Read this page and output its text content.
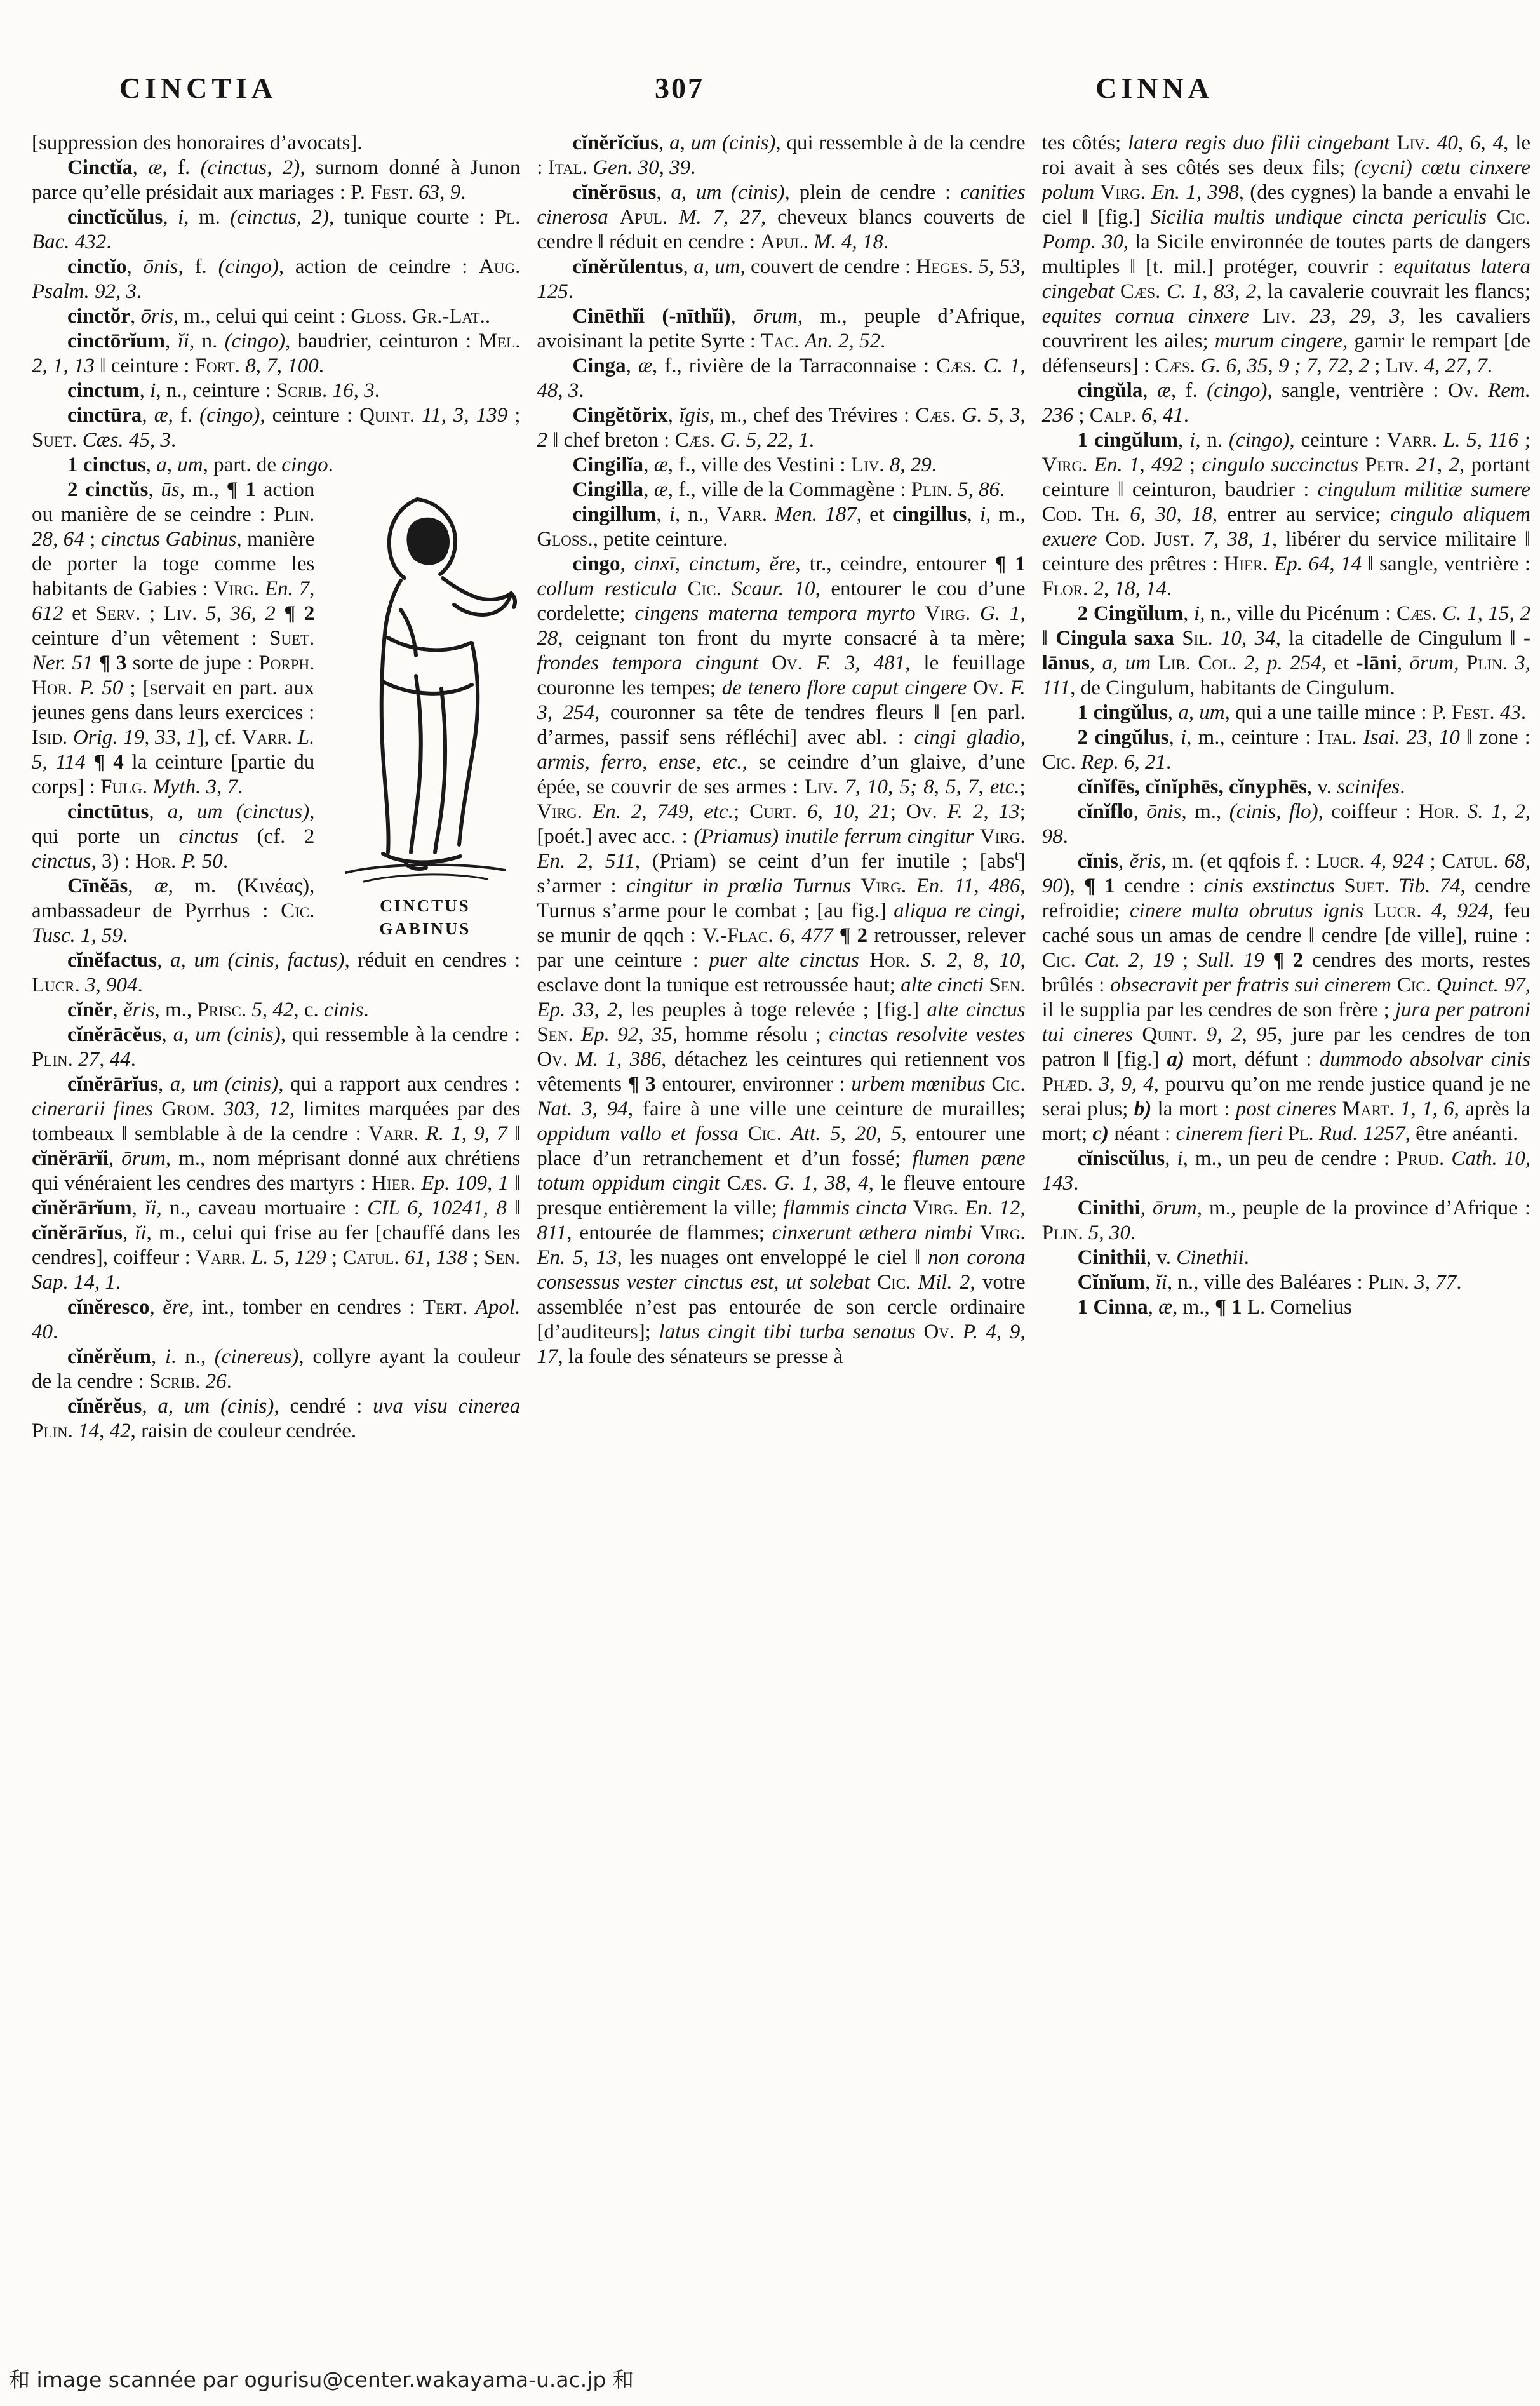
CINCTIA	307	CINNA

[suppression des honoraires d’avocats].

Cinctĭa, æ, f. (cinctus, 2), surnom donné à Junon parce qu’elle présidait aux mariages : P. Fest. 63, 9.

cinctĭcŭlus, i, m. (cinctus, 2), tunique courte : Pl. Bac. 432.

cinctĭo, ōnis, f. (cingo), action de ceindre : Aug. Psalm. 92, 3.

cinctŏr, ōris, m., celui qui ceint : Gloss. Gr.-Lat..

cinctōrĭum, ĭi, n. (cingo), baudrier, ceinturon : Mel. 2, 1, 13 ‖ ceinture : Fort. 8, 7, 100.

cinctum, i, n., ceinture : Scrib. 16, 3.

cinctūra, æ, f. (cingo), ceinture : Quint. 11, 3, 139 ; Suet. Cæs. 45, 3.

1 cinctus, a, um, part. de cingo.

CINCTUS
GABINUS
2 cinctŭs, ūs, m., ¶ 1 action ou manière de se ceindre : Plin. 28, 64 ; cinctus Gabinus, manière de porter la toge comme les habitants de Gabies : Virg. En. 7, 612 et Serv. ; Liv. 5, 36, 2 ¶ 2 ceinture d’un vêtement : Suet. Ner. 51 ¶ 3 sorte de jupe : Porph. Hor. P. 50 ; [servait en part. aux jeunes gens dans leurs exercices : Isid. Orig. 19, 33, 1], cf. Varr. L. 5, 114 ¶ 4 la ceinture [partie du corps] : Fulg. Myth. 3, 7.

cinctūtus, a, um (cinctus), qui porte un cinctus (cf. 2 cinctus, 3) : Hor. P. 50.

Cīnĕās, æ, m. (Κινέας), ambassadeur de Pyrrhus : Cic. Tusc. 1, 59.

cĭnĕfactus, a, um (cinis, factus), réduit en cendres : Lucr. 3, 904.

cĭnĕr, ĕris, m., Prisc. 5, 42, c. cinis.

cĭnĕrācĕus, a, um (cinis), qui ressemble à la cendre : Plin. 27, 44.

cĭnĕrārĭus, a, um (cinis), qui a rapport aux cendres : cinerarii fines Grom. 303, 12, limites marquées par des tombeaux ‖ semblable à de la cendre : Varr. R. 1, 9, 7 ‖ cĭnĕrārĭi, ōrum, m., nom méprisant donné aux chrétiens qui vénéraient les cendres des martyrs : Hier. Ep. 109, 1 ‖ cĭnĕrārĭum, ĭi, n., caveau mortuaire : CIL 6, 10241, 8 ‖ cĭnĕrārĭus, ĭi, m., celui qui frise au fer [chauffé dans les cendres], coiffeur : Varr. L. 5, 129 ; Catul. 61, 138 ; Sen. Sap. 14, 1.

cĭnĕresco, ĕre, int., tomber en cendres : Tert. Apol. 40.

cĭnĕrĕum, i. n., (cinereus), collyre ayant la couleur de la cendre : Scrib. 26.

cĭnĕrĕus, a, um (cinis), cendré : uva visu cinerea Plin. 14, 42, raisin de couleur cendrée.

cĭnĕrĭcĭus, a, um (cinis), qui ressemble à de la cendre : Ital. Gen. 30, 39.

cĭnĕrōsus, a, um (cinis), plein de cendre : canities cinerosa Apul. M. 7, 27, cheveux blancs couverts de cendre ‖ réduit en cendre : Apul. M. 4, 18.

cĭnĕrŭlentus, a, um, couvert de cendre : Heges. 5, 53, 125.

Cinēthĭi (-nīthĭi), ōrum, m., peuple d’Afrique, avoisinant la petite Syrte : Tac. An. 2, 52.

Cinga, æ, f., rivière de la Tarraconnaise : Cæs. C. 1, 48, 3.

Cingĕtŏrix, ĭgis, m., chef des Trévires : Cæs. G. 5, 3, 2 ‖ chef breton : Cæs. G. 5, 22, 1.

Cingilĭa, æ, f., ville des Vestini : Liv. 8, 29.

Cingilla, æ, f., ville de la Commagène : Plin. 5, 86.

cingillum, i, n., Varr. Men. 187, et cingillus, i, m., Gloss., petite ceinture.

cingo, cinxī, cinctum, ĕre, tr., ceindre, entourer ¶ 1 collum resticula Cic. Scaur. 10, entourer le cou d’une cordelette; cingens materna tempora myrto Virg. G. 1, 28, ceignant ton front du myrte consacré à ta mère; frondes tempora cingunt Ov. F. 3, 481, le feuillage couronne les tempes; de tenero flore caput cingere Ov. F. 3, 254, couronner sa tête de tendres fleurs ‖ [en parl. d’armes, passif sens réfléchi] avec abl. : cingi gladio, armis, ferro, ense, etc., se ceindre d’un glaive, d’une épée, se couvrir de ses armes : Liv. 7, 10, 5; 8, 5, 7, etc.; Virg. En. 2, 749, etc.; Curt. 6, 10, 21; Ov. F. 2, 13; [poét.] avec acc. : (Priamus) inutile ferrum cingitur Virg. En. 2, 511, (Priam) se ceint d’un fer inutile ; [abs$^t$] s’armer : cingitur in prœlia Turnus Virg. En. 11, 486, Turnus s’arme pour le combat ; [au fig.] aliqua re cingi, se munir de qqch : V.-Flac. 6, 477 ¶ 2 retrousser, relever par une ceinture : puer alte cinctus Hor. S. 2, 8, 10, esclave dont la tunique est retroussée haut; alte cincti Sen. Ep. 33, 2, les peuples à toge relevée ; [fig.] alte cinctus Sen. Ep. 92, 35, homme résolu ; cinctas resolvite vestes Ov. M. 1, 386, détachez les ceintures qui retiennent vos vêtements ¶ 3 entourer, environner : urbem mœnibus Cic. Nat. 3, 94, faire à une ville une ceinture de murailles; oppidum vallo et fossa Cic. Att. 5, 20, 5, entourer une place d’un retranchement et d’un fossé; flumen pæne totum oppidum cingit Cæs. G. 1, 38, 4, le fleuve entoure presque entièrement la ville; flammis cincta Virg. En. 12, 811, entourée de flammes; cinxerunt æthera nimbi Virg. En. 5, 13, les nuages ont enveloppé le ciel ‖ non corona consessus vester cinctus est, ut solebat Cic. Mil. 2, votre assemblée n’est pas entourée de son cercle ordinaire [d’auditeurs]; latus cingit tibi turba senatus Ov. P. 4, 9, 17, la foule des sénateurs se presse à

tes côtés; latera regis duo filii cingebant Liv. 40, 6, 4, le roi avait à ses côtés ses deux fils; (cycni) cœtu cinxere polum Virg. En. 1, 398, (des cygnes) la bande a envahi le ciel ‖ [fig.] Sicilia multis undique cincta periculis Cic. Pomp. 30, la Sicile environnée de toutes parts de dangers multiples ‖ [t. mil.] protéger, couvrir : equitatus latera cingebat Cæs. C. 1, 83, 2, la cavalerie couvrait les flancs; equites cornua cinxere Liv. 23, 29, 3, les cavaliers couvrirent les ailes; murum cingere, garnir le rempart [de défenseurs] : Cæs. G. 6, 35, 9 ; 7, 72, 2 ; Liv. 4, 27, 7.

cingŭla, æ, f. (cingo), sangle, ventrière : Ov. Rem. 236 ; Calp. 6, 41.

1 cingŭlum, i, n. (cingo), ceinture : Varr. L. 5, 116 ; Virg. En. 1, 492 ; cingulo succinctus Petr. 21, 2, portant ceinture ‖ ceinturon, baudrier : cingulum militiæ sumere Cod. Th. 6, 30, 18, entrer au service; cingulo aliquem exuere Cod. Just. 7, 38, 1, libérer du service militaire ‖ ceinture des prêtres : Hier. Ep. 64, 14 ‖ sangle, ventrière : Flor. 2, 18, 14.

2 Cingŭlum, i, n., ville du Picénum : Cæs. C. 1, 15, 2 ‖ Cingula saxa Sil. 10, 34, la citadelle de Cingulum ‖ -lānus, a, um Lib. Col. 2, p. 254, et -lāni, ōrum, Plin. 3, 111, de Cingulum, habitants de Cingulum.

1 cingŭlus, a, um, qui a une taille mince : P. Fest. 43.

2 cingŭlus, i, m., ceinture : Ital. Isai. 23, 10 ‖ zone : Cic. Rep. 6, 21.

cĭnĭfēs, cĭnĭphēs, cĭnyphēs, v. scinifes.

cĭnĭflo, ōnis, m., (cinis, flo), coiffeur : Hor. S. 1, 2, 98.

cĭnis, ĕris, m. (et qqfois f. : Lucr. 4, 924 ; Catul. 68, 90), ¶ 1 cendre : cinis exstinctus Suet. Tib. 74, cendre refroidie; cinere multa obrutus ignis Lucr. 4, 924, feu caché sous un amas de cendre ‖ cendre [de ville], ruine : Cic. Cat. 2, 19 ; Sull. 19 ¶ 2 cendres des morts, restes brûlés : obsecravit per fratris sui cinerem Cic. Quinct. 97, il le supplia par les cendres de son frère ; jura per patroni tui cineres Quint. 9, 2, 95, jure par les cendres de ton patron ‖ [fig.] a) mort, défunt : dummodo absolvar cinis Phæd. 3, 9, 4, pourvu qu’on me rende justice quand je ne serai plus; b) la mort : post cineres Mart. 1, 1, 6, après la mort; c) néant : cinerem fieri Pl. Rud. 1257, être anéanti.

cĭniscŭlus, i, m., un peu de cendre : Prud. Cath. 10, 143.

Cinithi, ōrum, m., peuple de la province d’Afrique : Plin. 5, 30.

Cinithii, v. Cinethii.

Cĭnĭum, ĭi, n., ville des Baléares : Plin. 3, 77.

1 Cinna, æ, m., ¶ 1 L. Cornelius

和 image scannée par ogurisu@center.wakayama-u.ac.jp 和
